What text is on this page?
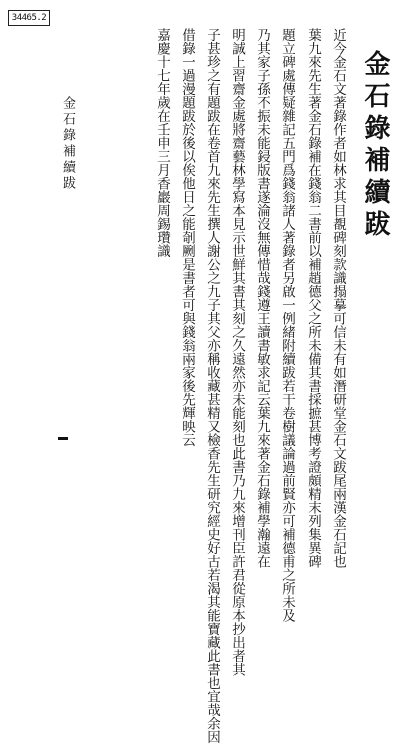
34465.2
金石錄補續跋	金石錄補續跋
近今金石文著錄作者如林求其目覩碑刻款識搨摹可信未有如潛研堂金石文跋尾兩漢金石記也
葉九來先生著金石錄補在錢翁二書前以補趙德父之所未備其書採摭甚博考證頗精末列集異碑
題立碑處傳疑雜記五門爲錢翁諸人著錄者另啟一例緒附續跋若干卷樹議論過前賢亦可補德甫之所未及
乃其家子孫不振未能鋟版書遂淪沒無傳惜哉錢遵王讀書敏求記云葉九來著金石錄補學瀚遠在
明誠上習齋金處將齋藝林學寫本見示世鮮其書其刻之久遠然亦未能刻也此書乃九來增刊臣許君從原本抄出者其
子甚珍之有題跋在卷首九來先生撰人謝公之九子其父亦稱收藏甚精又檢香先生研究經史好古若渴其能寶藏此書也宜哉余因
借錄一過漫題跋於後以俟他日之能剞劂是書者可與錢翁兩家後先輝映云
嘉慶十七年歲在壬申三月香巖周錫瓚識
